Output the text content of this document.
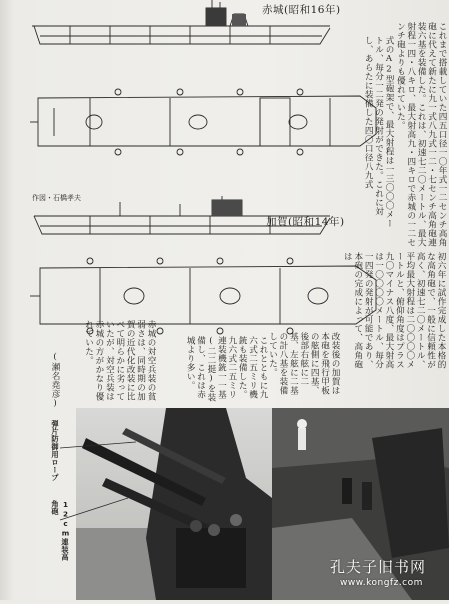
赤城(昭和16年)
作図・石橋孝夫
加賀(昭和14年)	これまで搭載していた四五口径一〇年式一二センチ高角砲に代えて新たに九一式八九式一二・七センチ高角砲連装六基を装備した。これは、初速七二〇メートル、最大射程一四・八キロ、最大射高九・四キロで赤城の一二センチ砲よりも優れていた。
式のA2型砲架で、最大射程は一三〇〇〇メートル、毎分一二発の発射ができた。これに対し、あらたに装備した四〇口径八九式
初六年に試作完成した本格的な高角砲で、一般に信頼性が高く、初速七二〇メートル、平均最大射程は二〇〇〇〇メートルと、俯仰角度はプラス九〇マイナス八度、最大射高は一〇〇〇〇メートル、毎分一四発の発射が可能であり、本砲の完成によって、高角砲は
改装後の加賀は本砲を飛行甲板の舷側に四基、後部右舷に二基、左舷に二基の計八基を装備していた。
これとともに九六式二五ミリ機銃も装備した。九六式二五ミリ連装機銃一一基(二二挺)を装備し、これは赤城より多い。
赤城の対空兵装の貧弱さは、同時期の加賀の近代化改装に比べて明らかに劣っていたが、対空兵装は赤城の方がかなり優れていた。
(瀬名堯彦)
弾片防御用ロープ
12cm連装高角砲
孔夫子旧书网
www.kongfz.com
